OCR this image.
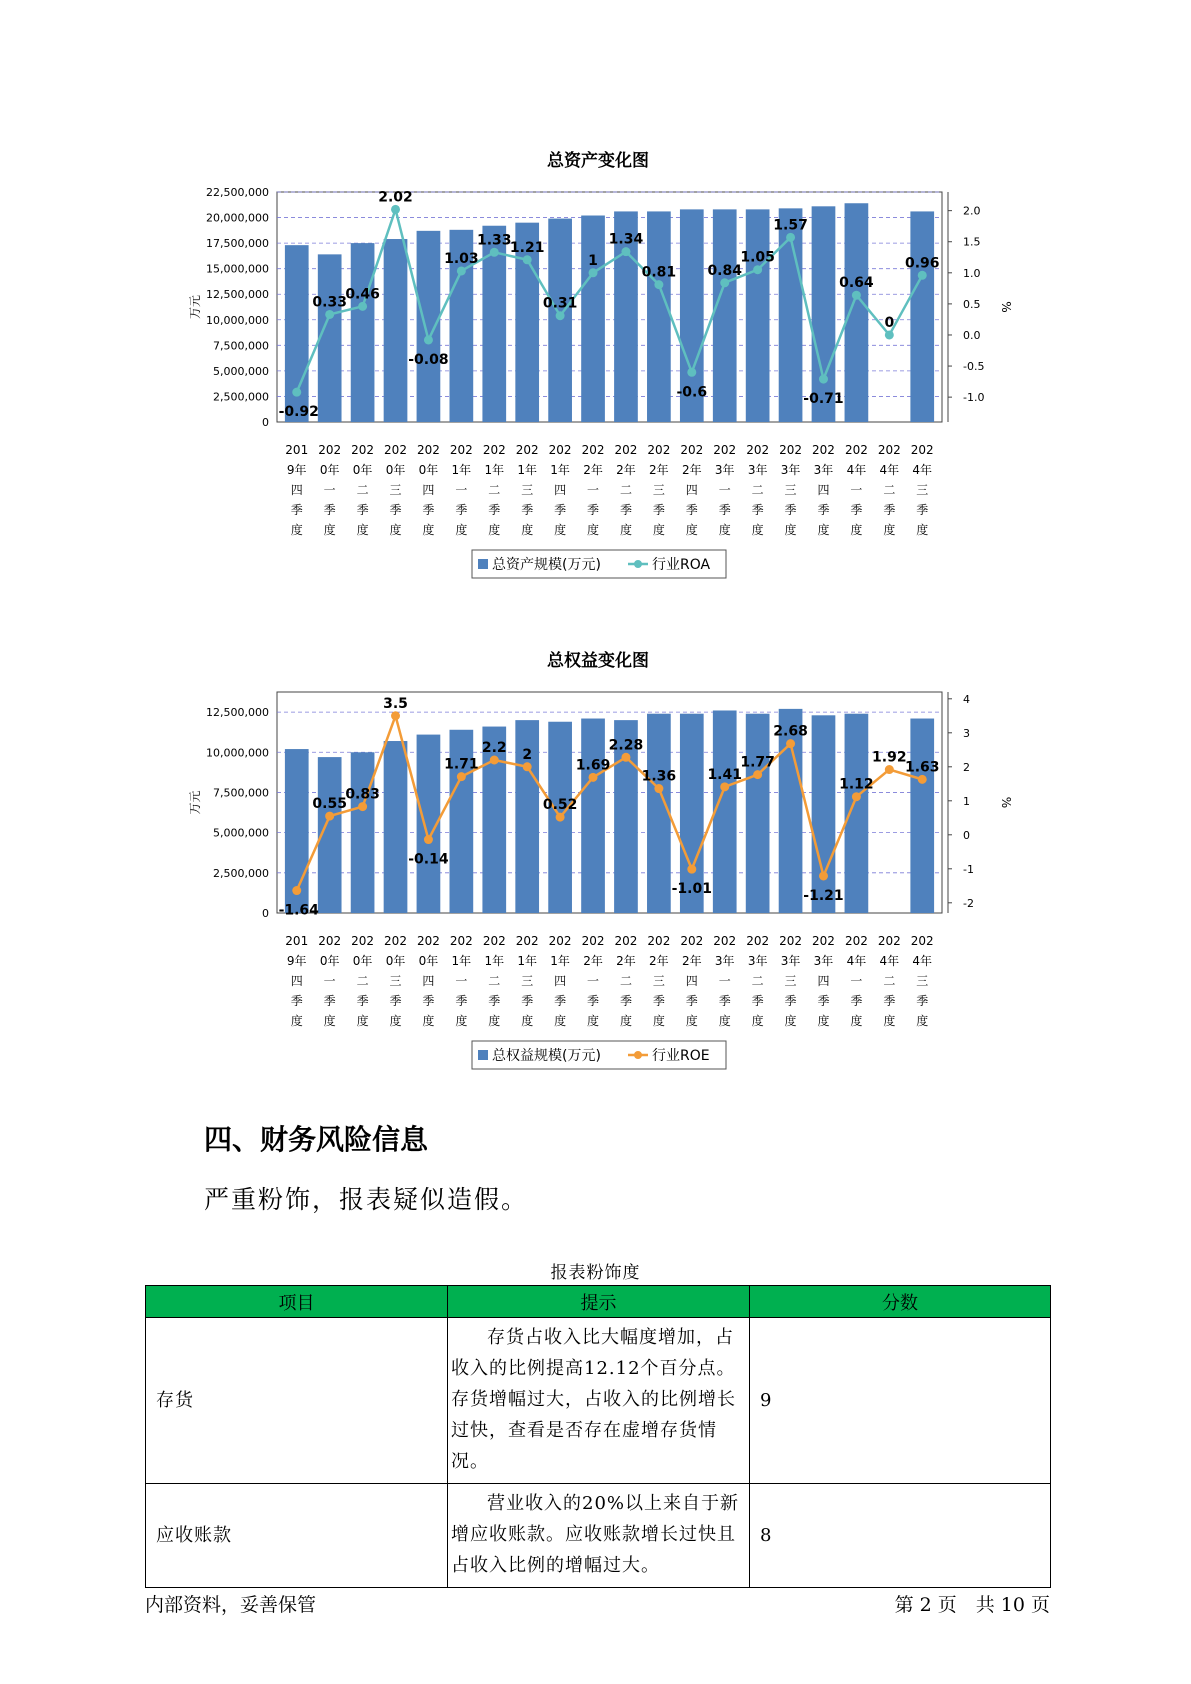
总资产变化图
0
2,500,000
5,000,000
7,500,000
10,000,000
12,500,000
15,000,000
17,500,000
20,000,000
22,500,000
万元
-1.0
-0.5
0.0
0.5
1.0
1.5
2.0
%
-0.92
0.33
0.46
2.02
-0.08
1.03
1.33
1.21
0.31
1
1.34
0.81
-0.6
0.84
1.05
1.57
-0.71
0.64
0
0.96
201 9年四季度
202 0年一季度
202 0年二季度
202 0年三季度
202 0年四季度
202 1年一季度
202 1年二季度
202 1年三季度
202 1年四季度
202 2年一季度
202 2年二季度
202 2年三季度
202 2年四季度
202 3年一季度
202 3年二季度
202 3年三季度
202 3年四季度
202 4年一季度
202 4年二季度
202 4年三季度
总资产规模(万元)	行业ROA
总权益变化图
0
2,500,000
5,000,000
7,500,000
10,000,000
12,500,000
万元
-2
-1
0
1
2
3
4
%
-1.64
0.55
0.83
3.5
-0.14
1.71
2.2 2
0.52
1.69
2.28
1.36
-1.01
1.41
1.77
2.68
-1.21
1.12
1.92
1.63
201 9年四季度
202 0年一季度
202 0年二季度
202 0年三季度
202 0年四季度
202 1年一季度
202 1年二季度
202 1年三季度
202 1年四季度
202 2年一季度
202 2年二季度
202 2年三季度
202 2年四季度
202 3年一季度
202 3年二季度
202 3年三季度
202 3年四季度
202 4年一季度
202 4年二季度
202 4年三季度
总权益规模(万元)	行业ROE
四、财务风险信息
严重粉饰，报表疑似造假。
报表粉饰度
项目	提示	分数
存货	存货占收入比大幅度增加，占收入的比例提高12.12个百分点。存货增幅过大，占收入的比例增长过快，查看是否存在虚增存货情况。	9
应收账款	营业收入的20%以上来自于新增应收账款。应收账款增长过快且占收入比例的增幅过大。	8
内部资料，妥善保管	第 2 页　共 10 页
